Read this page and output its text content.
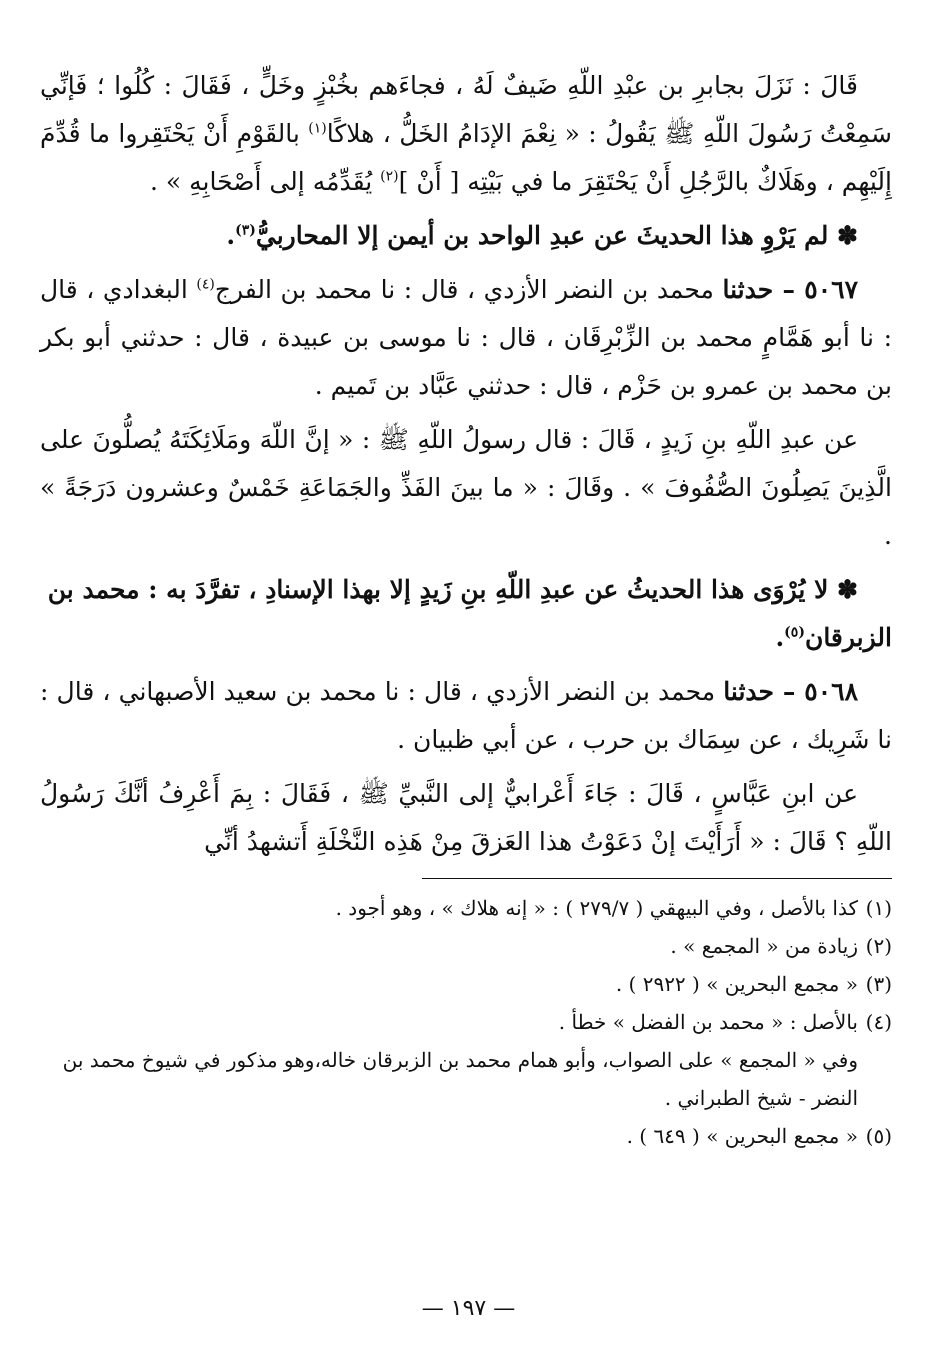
قَالَ : نَزَلَ بجابرِ بن عبْدِ اللّهِ ضَيفٌ لَهُ ، فجاءَهم بخُبْزٍ وخَلٍّ ، فَقَالَ : كُلُوا ؛ فَإنِّي سَمِعْتُ رَسُولَ اللّهِ ﷺ يَقُولُ : « نِعْمَ الإدَامُ الخَلُّ ، هلاكًا$^{(١)}$ بالقَوْمِ أَنْ يَحْتَقِروا ما قُدِّمَ إِلَيْهِم ، وهَلَاكٌ بالرَّجُلِ أَنْ يَحْتَقِرَ ما في بَيْتِه [ أَنْ ]$^{(٢)}$ يُقَدِّمُه إلى أَصْحَابِهِ » .

✽ لم يَرْوِ هذا الحديثَ عن عبدِ الواحد بن أيمن إلا المحاربيُّ$^{(٣)}$.

٥٠٦٧ – حدثنا محمد بن النضر الأزدي ، قال : نا محمد بن الفرج$^{(٤)}$ البغدادي ، قال : نا أبو هَمَّامٍ محمد بن الزِّبْرِقَان ، قال : نا موسى بن عبيدة ، قال : حدثني أبو بكر بن محمد بن عمرو بن حَزْم ، قال : حدثني عَبَّاد بن تَميم .

عن عبدِ اللّهِ بنِ زَيدٍ ، قَالَ : قال رسولُ اللّهِ ﷺ : « إنَّ اللّهَ ومَلَائِكَتَهُ يُصلُّونَ على الَّذِينَ يَصِلُونَ الصُّفُوفَ » . وقَالَ : « ما بينَ الفَذِّ والجَمَاعَةِ خَمْسٌ وعشرون دَرَجَةً » .

✽ لا يُرْوَى هذا الحديثُ عن عبدِ اللّهِ بنِ زَيدٍ إلا بهذا الإسنادِ ، تفرَّدَ به : محمد بن الزبرقان$^{(٥)}$.

٥٠٦٨ – حدثنا محمد بن النضر الأزدي ، قال : نا محمد بن سعيد الأصبهاني ، قال : نا شَرِيك ، عن سِمَاك بن حرب ، عن أبي ظبيان .

عن ابنِ عَبَّاسٍ ، قَالَ : جَاءَ أَعْرابيٌّ إلى النَّبيِّ ﷺ ، فَقَالَ : بِمَ أَعْرِفُ أنَّكَ رَسُولُ اللّهِ ؟ قَالَ : « أَرَأَيْتَ إنْ دَعَوْتُ هذا العَزقَ مِنْ هَذِه النَّخْلَةِ أَتشهدُ أنِّي

(١)كذا بالأصل ، وفي البيهقي ( ٢٧٩/٧ ) : « إنه هلاك » ، وهو أجود .

(٢)زيادة من « المجمع » .

(٣)« مجمع البحرين » ( ٢٩٢٢ ) .

(٤)بالأصل : « محمد بن الفضل » خطأ .

وفي « المجمع » على الصواب، وأبو همام محمد بن الزبرقان خاله،وهو مذكور في شيوخ محمد بن النضر - شيخ الطبراني .

(٥)« مجمع البحرين » ( ٦٤٩ ) .

— ١٩٧ —
